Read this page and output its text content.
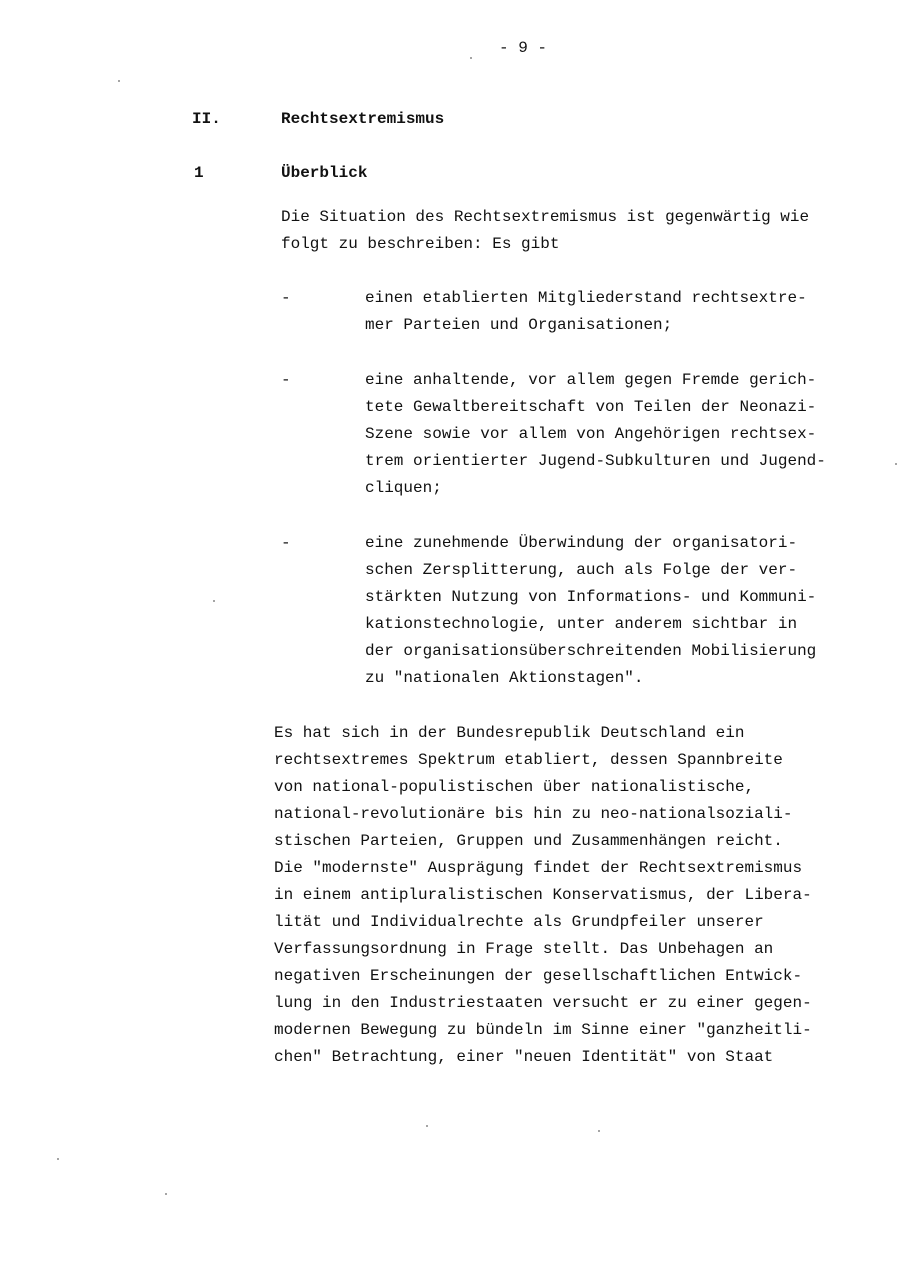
- 9 -
II.	Rechtsextremismus
1	Überblick
Die Situation des Rechtsextremismus ist gegenwärtig wie
folgt zu beschreiben: Es gibt
-	einen etablierten Mitgliederstand rechtsextre-
mer Parteien und Organisationen;
-	eine anhaltende, vor allem gegen Fremde gerich-
tete Gewaltbereitschaft von Teilen der Neonazi-
Szene sowie vor allem von Angehörigen rechtsex-
trem orientierter Jugend-Subkulturen und Jugend-
cliquen;
-	eine zunehmende Überwindung der organisatori-
schen Zersplitterung, auch als Folge der ver-
stärkten Nutzung von Informations- und Kommuni-
kationstechnologie, unter anderem sichtbar in
der organisationsüberschreitenden Mobilisierung
zu "nationalen Aktionstagen".
Es hat sich in der Bundesrepublik Deutschland ein
rechtsextremes Spektrum etabliert, dessen Spannbreite
von national-populistischen über nationalistische,
national-revolutionäre bis hin zu neo-nationalsoziali-
stischen Parteien, Gruppen und Zusammenhängen reicht.
Die "modernste" Ausprägung findet der Rechtsextremismus
in einem antipluralistischen Konservatismus, der Libera-
lität und Individualrechte als Grundpfeiler unserer
Verfassungsordnung in Frage stellt. Das Unbehagen an
negativen Erscheinungen der gesellschaftlichen Entwick-
lung in den Industriestaaten versucht er zu einer gegen-
modernen Bewegung zu bündeln im Sinne einer "ganzheitli-
chen" Betrachtung, einer "neuen Identität" von Staat
